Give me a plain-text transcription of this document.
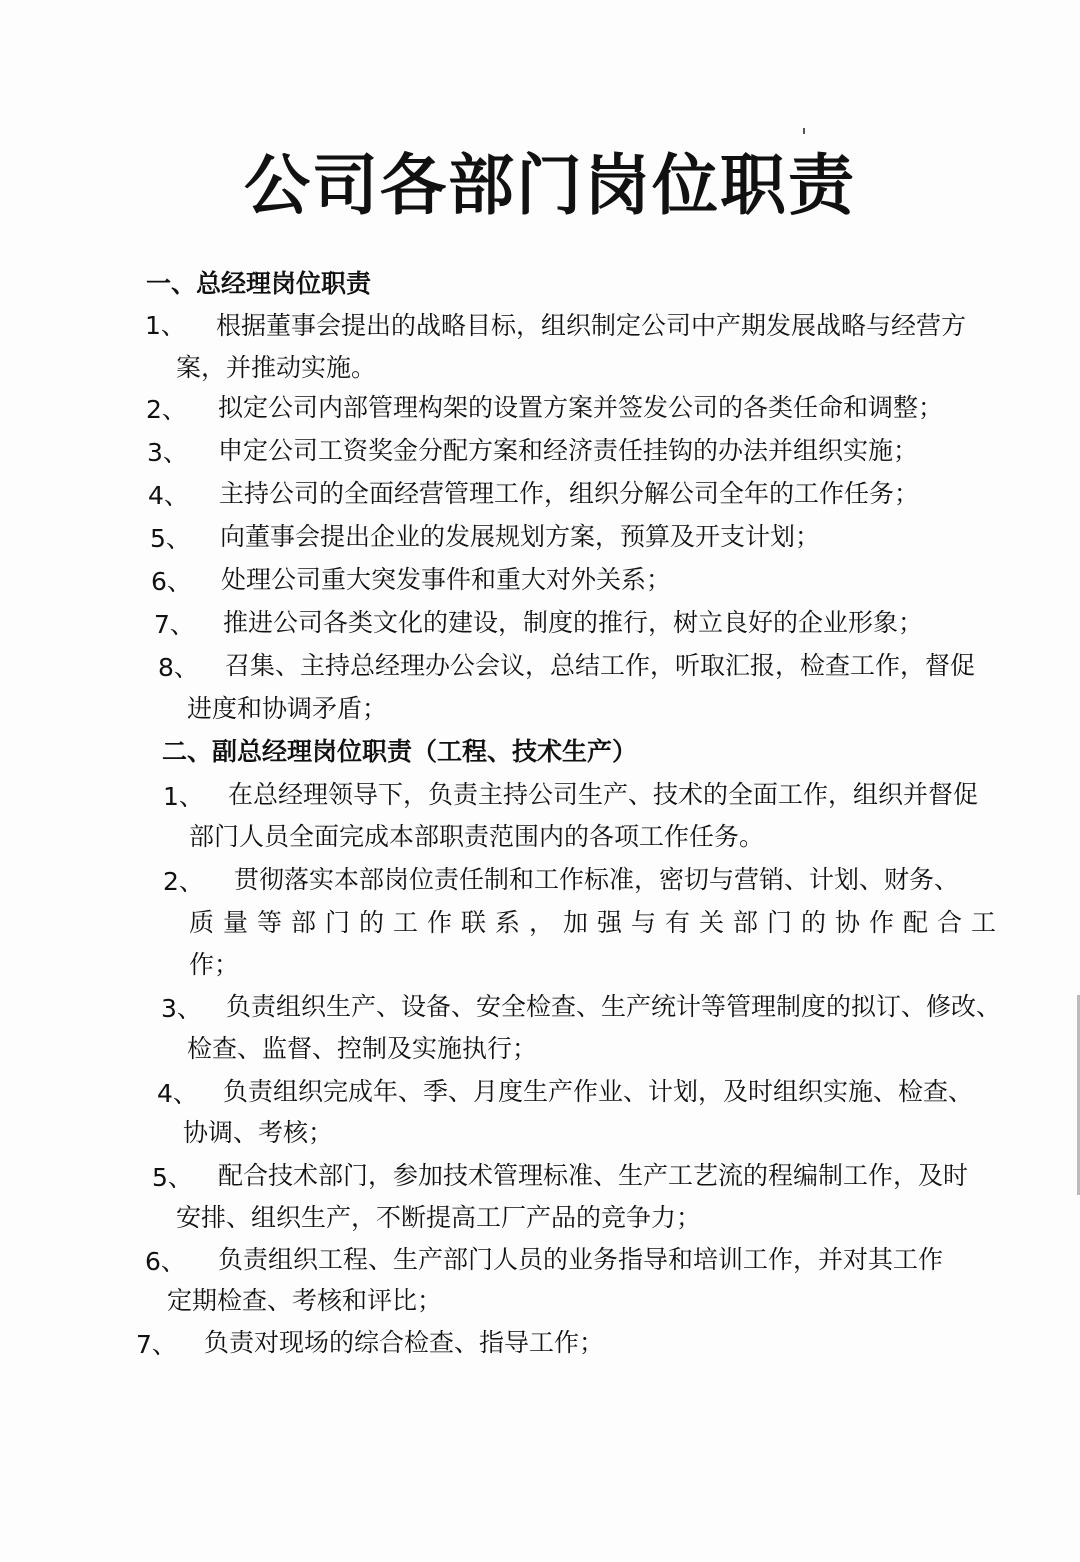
公司各部门岗位职责
一、总经理岗位职责
1、 根据董事会提出的战略目标，组织制定公司中产期发展战略与经营方
案，并推动实施。
2、 拟定公司内部管理构架的设置方案并签发公司的各类任命和调整；
3、 申定公司工资奖金分配方案和经济责任挂钩的办法并组织实施；
4、 主持公司的全面经营管理工作，组织分解公司全年的工作任务；
5、 向董事会提出企业的发展规划方案，预算及开支计划；
6、 处理公司重大突发事件和重大对外关系；
7、 推进公司各类文化的建设，制度的推行，树立良好的企业形象；
8、 召集、主持总经理办公会议，总结工作，听取汇报，检查工作，督促
进度和协调矛盾；
二、副总经理岗位职责（工程、技术生产）
1、 在总经理领导下，负责主持公司生产、技术的全面工作，组织并督促
部门人员全面完成本部职责范围内的各项工作任务。
2、 贯彻落实本部岗位责任制和工作标准，密切与营销、计划、财务、
质量等部门的工作联系，加强与有关部门的协作配合工
作；
3、 负责组织生产、设备、安全检查、生产统计等管理制度的拟订、修改、
检查、监督、控制及实施执行；
4、 负责组织完成年、季、月度生产作业、计划，及时组织实施、检查、
协调、考核；
5、 配合技术部门，参加技术管理标准、生产工艺流的程编制工作，及时
安排、组织生产，不断提高工厂产品的竞争力；
6、 负责组织工程、生产部门人员的业务指导和培训工作，并对其工作
定期检查、考核和评比；
7、 负责对现场的综合检查、指导工作；
